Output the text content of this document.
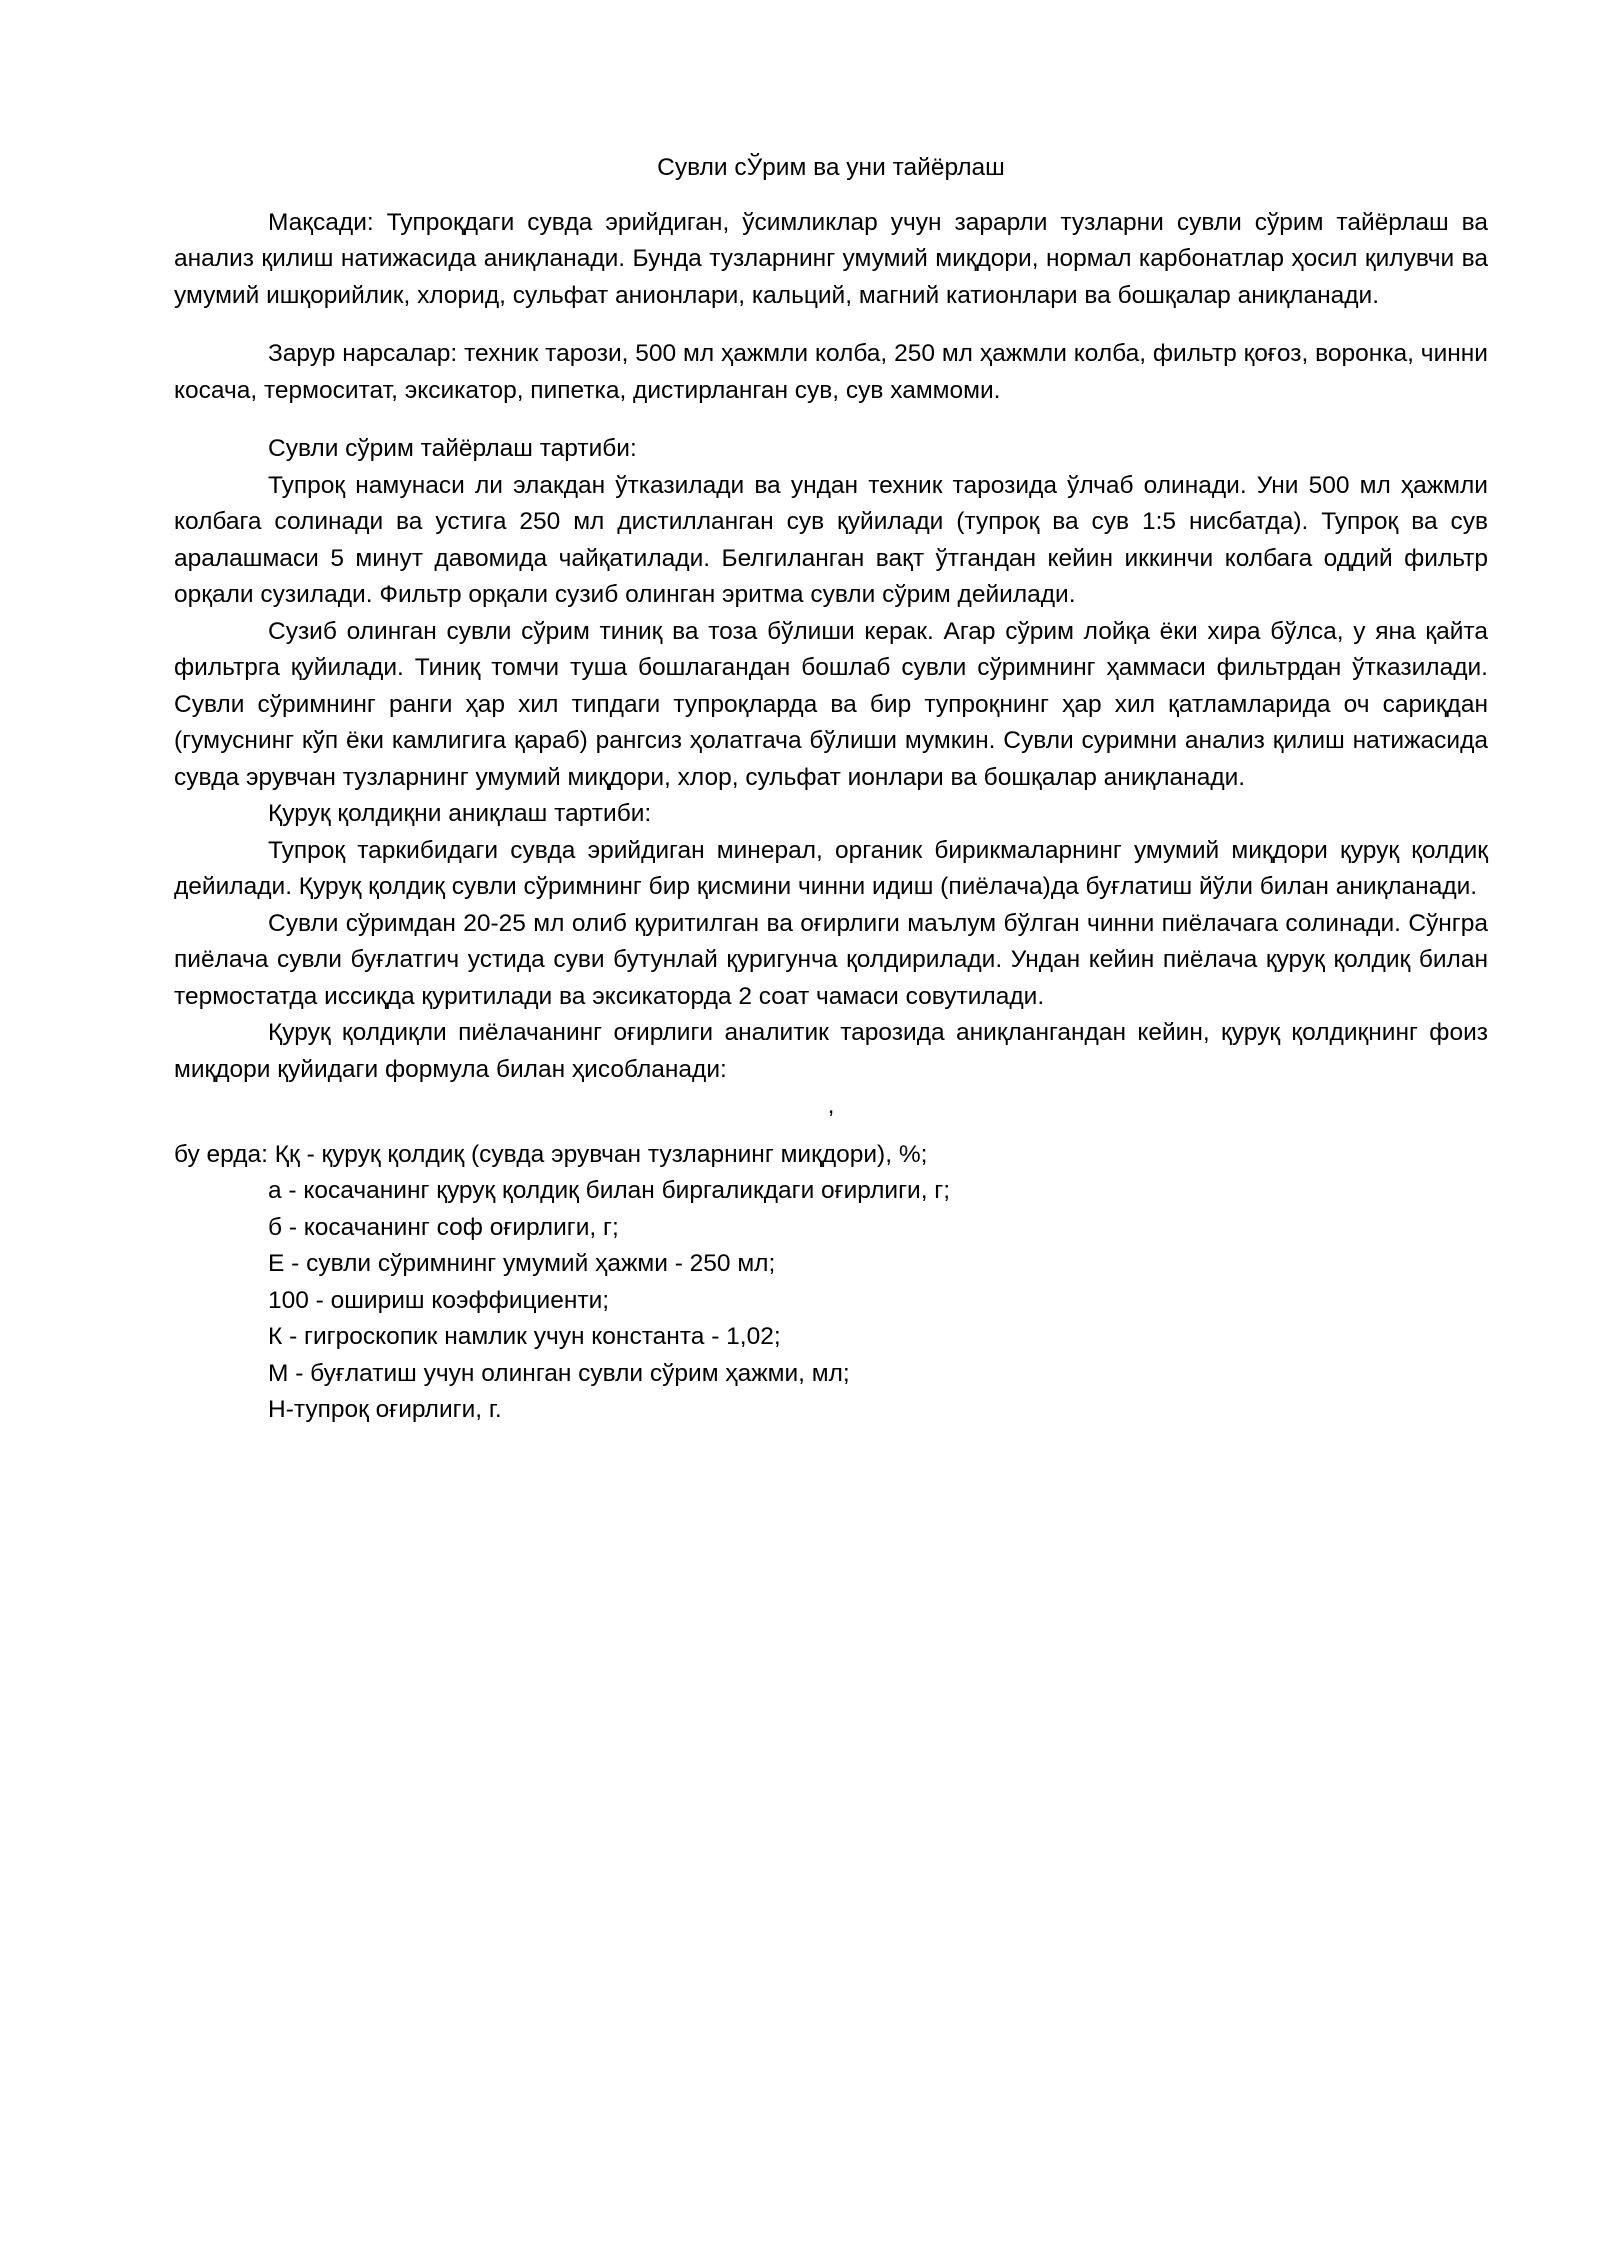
Сувли сЎрим ва уни тайёрлаш

Мақсади: Тупроқдаги сувда эрийдиган, ўсимликлар учун зарарли тузларни сувли сўрим тайёрлаш ва анализ қилиш натижасида аниқланади. Бунда тузларнинг умумий миқдори, нормал карбонатлар ҳосил қилувчи ва умумий ишқорийлик, хлорид, сульфат анионлари, кальций, магний катионлари ва бошқалар аниқланади.

Зарур нарсалар: техник тарози, 500 мл ҳажмли колба, 250 мл ҳажмли колба, фильтр қоғоз, воронка, чинни косача, термоситат, эксикатор, пипетка, дистирланган сув, сув хаммоми.

Сувли сўрим тайёрлаш тартиби:

Тупроқ намунаси ли элакдан ўтказилади ва ундан техник тарозида ўлчаб олинади. Уни 500 мл ҳажмли колбага солинади ва устига 250 мл дистилланган сув қуйилади (тупроқ ва сув 1:5 нисбатда). Тупроқ ва сув аралашмаси 5 минут давомида чайқатилади. Белгиланган вақт ўтгандан кейин иккинчи колбага оддий фильтр орқали сузилади. Фильтр орқали сузиб олинган эритма сувли сўрим дейилади.

Сузиб олинган сувли сўрим тиниқ ва тоза бўлиши керак. Агар сўрим лойқа ёки хира бўлса, у яна қайта фильтрга қуйилади. Тиниқ томчи туша бошлагандан бошлаб сувли сўримнинг ҳаммаси фильтрдан ўтказилади. Сувли сўримнинг ранги ҳар хил типдаги тупроқларда ва бир тупроқнинг ҳар хил қатламларида оч сариқдан (гумуснинг кўп ёки камлигига қараб) рангсиз ҳолатгача бўлиши мумкин. Сувли суримни анализ қилиш натижасида сувда эрувчан тузларнинг умумий миқдори, хлор, сульфат ионлари ва бошқалар аниқланади.

Қуруқ қолдиқни аниқлаш тартиби:

Тупроқ таркибидаги сувда эрийдиган минерал, органик бирикмаларнинг умумий миқдори қуруқ қолдиқ дейилади. Қуруқ қолдиқ сувли сўримнинг бир қисмини чинни идиш (пиёлача)да буғлатиш йўли билан аниқланади.

Сувли сўримдан 20-25 мл олиб қуритилган ва оғирлиги маълум бўлган чинни пиёлачага солинади. Сўнгра пиёлача сувли буғлатгич устида суви бутунлай қуригунча қолдирилади. Ундан кейин пиёлача қуруқ қолдиқ билан термостатда иссиқда қуритилади ва эксикаторда 2 соат чамаси совутилади.

Қуруқ қолдиқли пиёлачанинг оғирлиги аналитик тарозида аниқлангандан кейин, қуруқ қолдиқнинг фоиз миқдори қуйидаги формула билан ҳисобланади:

,

бу ерда: Ққ - қуруқ қолдиқ (сувда эрувчан тузларнинг миқдори), %;

а - косачанинг қуруқ қолдиқ билан биргаликдаги оғирлиги, г;

б - косачанинг соф оғирлиги, г;

Е - сувли сўримнинг умумий ҳажми - 250 мл;

100 - ошириш коэффициенти;

К - гигроскопик намлик учун константа - 1,02;

М - буғлатиш учун олинган сувли сўрим ҳажми, мл;

Н-тупроқ оғирлиги, г.
